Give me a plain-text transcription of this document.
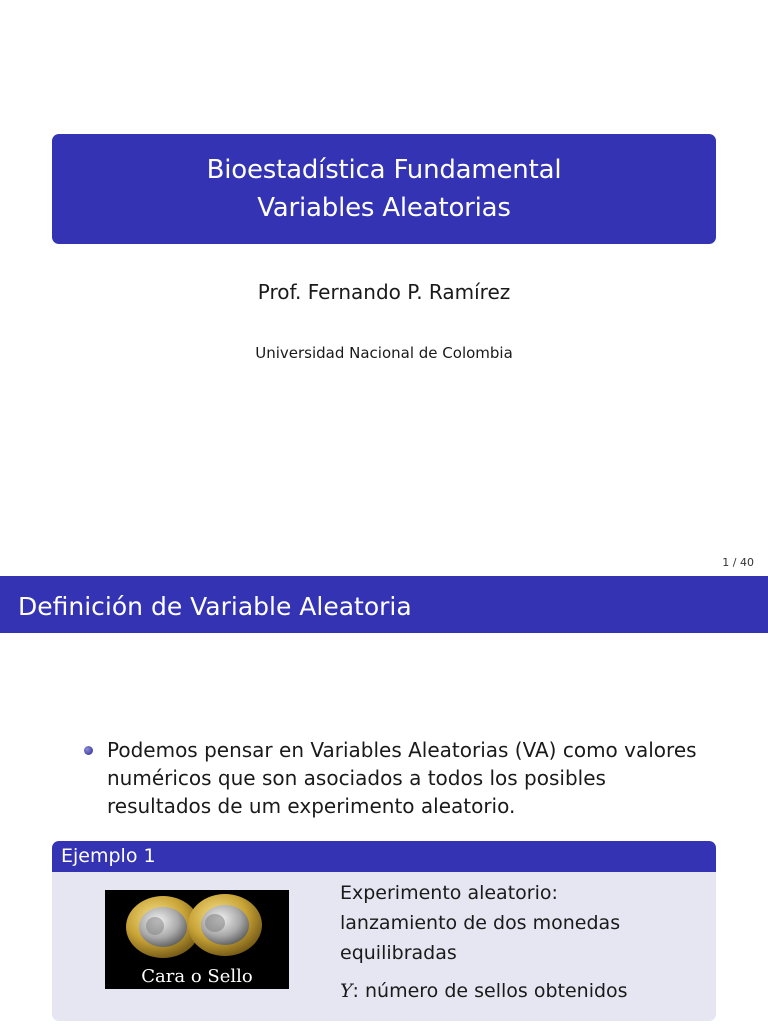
Bioestadística Fundamental
Variables Aleatorias
Prof. Fernando P. Ramírez
Universidad Nacional de Colombia
1 / 40
Definición de Variable Aleatoria
Podemos pensar en Variables Aleatorias (VA) como valores numéricos que son asociados a todos los posibles resultados de um experimento aleatorio.
Ejemplo 1
Cara o Sello
Experimento aleatorio:
lanzamiento de dos monedas
equilibradas
Y: número de sellos obtenidos
